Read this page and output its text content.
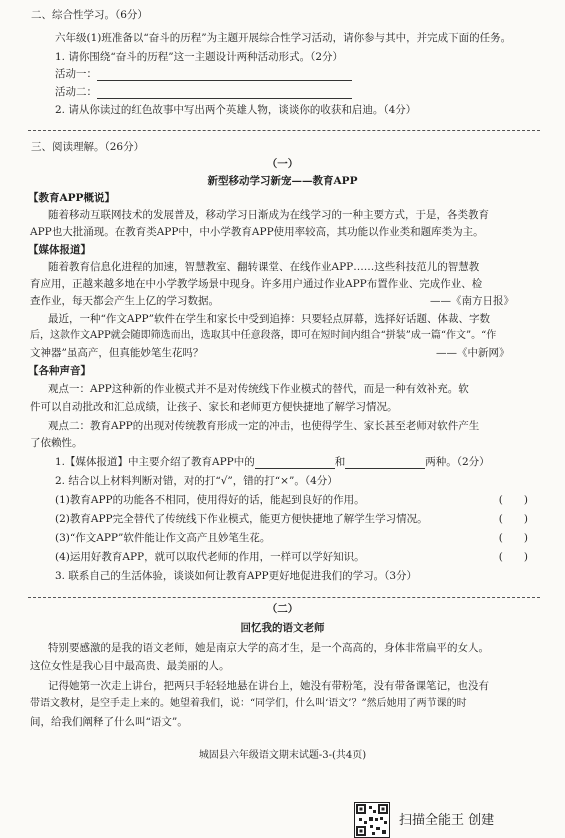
二、综合性学习。（6分）
六年级(1)班准备以“奋斗的历程”为主题开展综合性学习活动，请你参与其中，并完成下面的任务。
1. 请你围绕“奋斗的历程”这一主题设计两种活动形式。（2分）
活动一：
活动二：
2. 请从你读过的红色故事中写出两个英雄人物，谈谈你的收获和启迪。（4分）
三、阅读理解。（26分）
（一）
新型移动学习新宠——教育APP
【教育APP概说】
随着移动互联网技术的发展普及，移动学习日渐成为在线学习的一种主要方式，于是，各类教育
APP也大批涌现。在教育类APP中，中小学教育APP使用率较高，其功能以作业类和题库类为主。
【媒体报道】
随着教育信息化进程的加速，智慧教室、翻转课堂、在线作业APP……这些科技范儿的智慧教
育应用，正越来越多地在中小学教学场景中现身。许多用户通过作业APP布置作业、完成作业、检
查作业，每天都会产生上亿的学习数据。	——《南方日报》
最近，一种“作文APP”软件在学生和家长中受到追捧：只要轻点屏幕，选择好话题、体裁、字数
后，这款作文APP就会随即筛选而出，选取其中任意段落，即可在短时间内组合“拼装”成一篇“作文”。“作
文神器”虽高产，但真能妙笔生花吗？	——《中新网》
【各种声音】
观点一：APP这种新的作业模式并不是对传统线下作业模式的替代，而是一种有效补充。软
件可以自动批改和汇总成绩，让孩子、家长和老师更方便快捷地了解学习情况。
观点二：教育APP的出现对传统教育形成一定的冲击，也使得学生、家长甚至老师对软件产生
了依赖性。
1.【媒体报道】中主要介绍了教育APP中的	和	两种。（2分）
2. 结合以上材料判断对错，对的打“√”，错的打“×”。（4分）
(1)教育APP的功能各不相同，使用得好的话，能起到良好的作用。	(　　)
(2)教育APP完全替代了传统线下作业模式，能更方便快捷地了解学生学习情况。	(　　)
(3)“作文APP”软件能让作文高产且妙笔生花。	(　　)
(4)运用好教育APP，就可以取代老师的作用，一样可以学好知识。	(　　)
3. 联系自己的生活体验，谈谈如何让教育APP更好地促进我们的学习。（3分）
（二）
回忆我的语文老师
特别要感激的是我的语文老师，她是南京大学的高才生，是一个高高的，身体非常扁平的女人。
这位女性是我心目中最高贵、最美丽的人。
记得她第一次走上讲台，把两只手轻轻地悬在讲台上，她没有带粉笔，没有带备课笔记，也没有
带语文教材，是空手走上来的。她望着我们，说：“同学们，什么叫‘语文’？”然后她用了两节课的时
间，给我们阐释了什么叫“语文”。
城固县六年级语文期末试题-3-(共4页)
扫描全能王 创建
